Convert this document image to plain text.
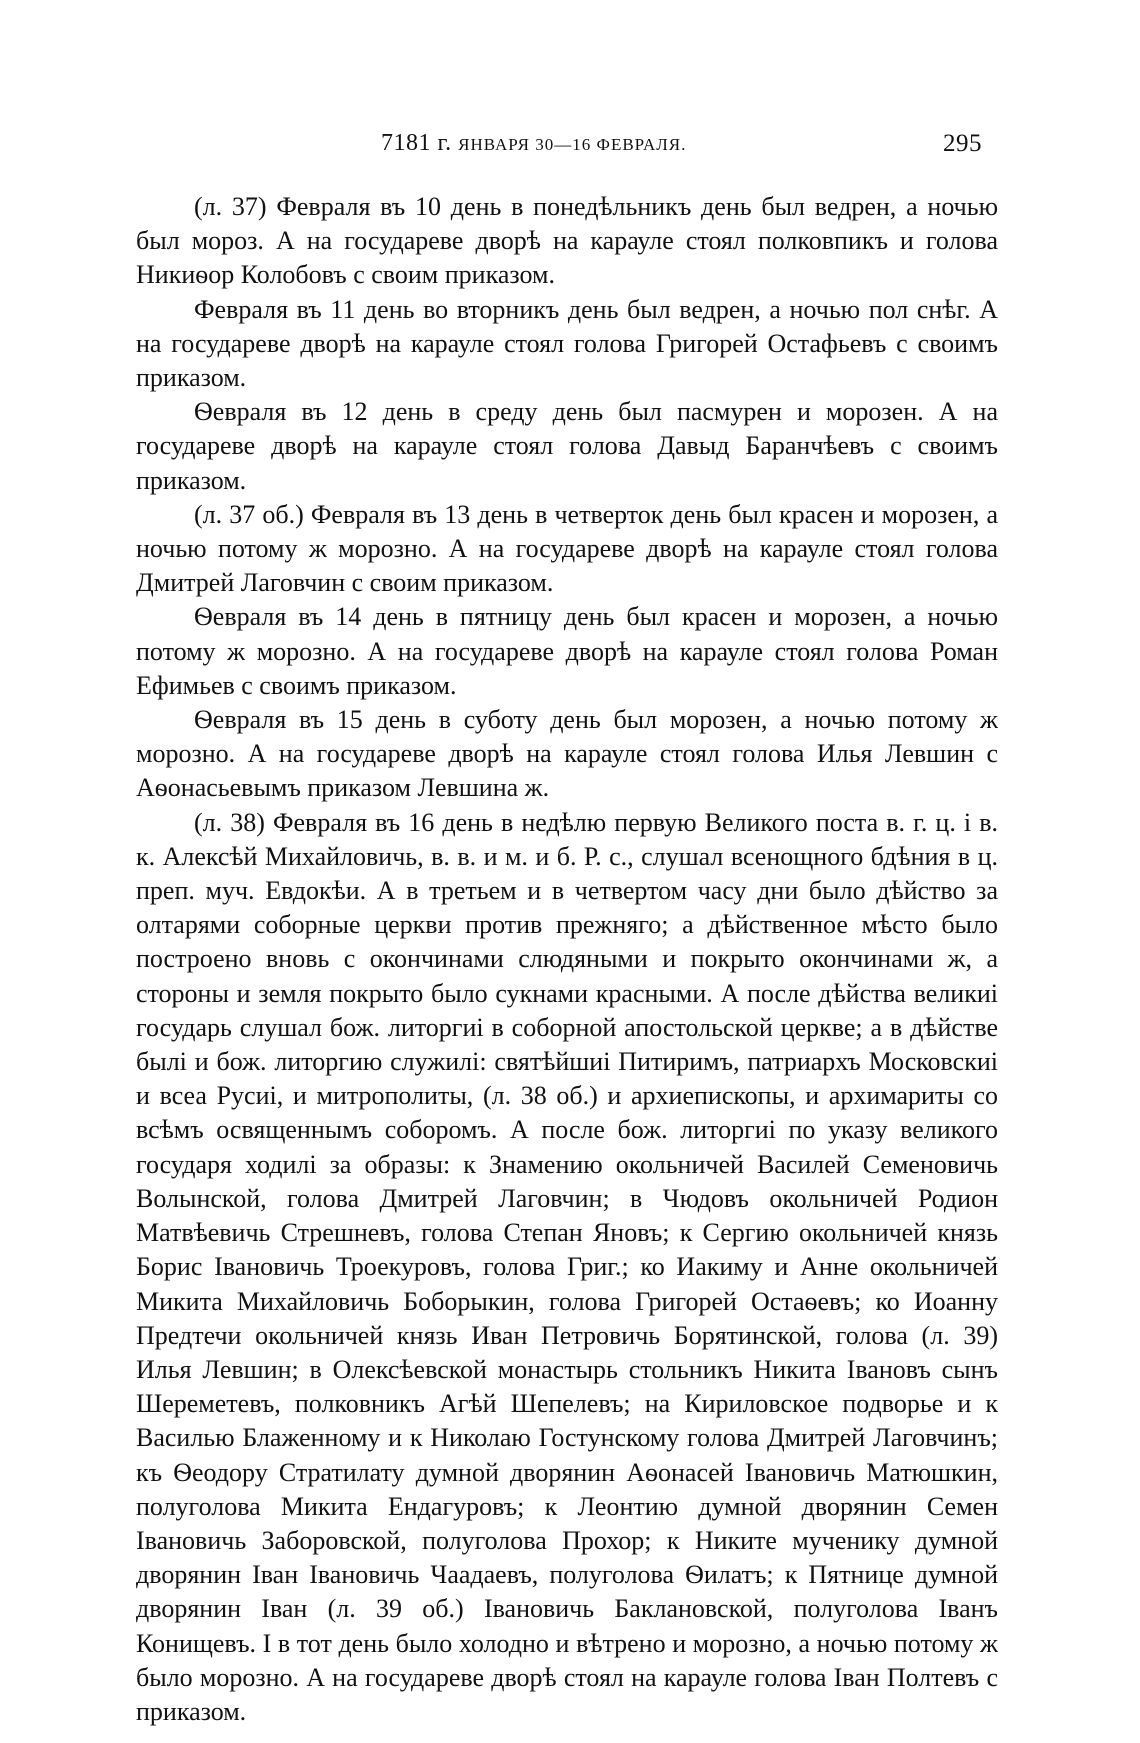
7181 г. ЯНВАРЯ 30—16 ФЕВРАЛЯ.	295

(л. 37) Февраля въ 10 день в понедѣльникъ день был ведрен, а ночью был мороз. А на государеве дворѣ на карауле стоял полковпикъ и голова Никиѳор Колобовъ с своим приказом.

Февраля въ 11 день во вторникъ день был ведрен, а ночью пол снѣг. А на государеве дворѣ на карауле стоял голова Григорей Остафьевъ с своимъ приказом.

Ѳевраля въ 12 день в среду день был пасмурен и морозен. А на государеве дворѣ на карауле стоял голова Давыд Баранчѣевъ с своимъ приказом.

(л. 37 об.) Февраля въ 13 день в четверток день был красен и морозен, а ночью потому ж морозно. А на государеве дворѣ на карауле стоял голова Дмитрей Лаговчин с своим приказом.

Ѳевраля въ 14 день в пятницу день был красен и морозен, а ночью потому ж морозно. А на государеве дворѣ на карауле стоял голова Роман Ефимьев с своимъ приказом.

Ѳевраля въ 15 день в суботу день был морозен, а ночью потому ж морозно. А на государеве дворѣ на карауле стоял голова Илья Левшин с Аѳонасьевымъ приказом Левшина ж.

(л. 38) Февраля въ 16 день в недѣлю первую Великого поста в. г. ц. і в. к. Алексѣй Михайловичь, в. в. и м. и б. Р. с., слушал всенощного бдѣния в ц. преп. муч. Евдокѣи. А в третьем и в четвертом часу дни было дѣйство за олтарями соборные церкви против прежняго; а дѣйственное мѣсто было построено вновь с окончинами слюдяными и покрыто окончинами ж, а стороны и земля покрыто было сукнами красными. А после дѣйства великиі государь слушал бож. литоргиі в соборной апостольской церкве; а в дѣйстве былі и бож. литоргию служилі: святѣйшиі Питиримъ, патриархъ Московскиі и всеа Русиі, и митрополиты, (л. 38 об.) и архиепископы, и архимариты со всѣмъ освященнымъ соборомъ. А после бож. литоргиі по указу великого государя ходилі за образы: к Знамению окольничей Василей Семеновичь Волынской, голова Дмитрей Лаговчин; в Чюдовъ окольничей Родион Матвѣевичь Стрешневъ, голова Степан Яновъ; к Сергию окольничей князь Борис Івановичь Троекуровъ, голова Григ.; ко Иакиму и Анне окольничей Микита Михайловичь Боборыкин, голова Григорей Остаѳевъ; ко Иоанну Предтечи окольничей князь Иван Петровичь Борятинской, голова (л. 39) Илья Левшин; в Олексѣевской монастырь стольникъ Никита Івановъ сынъ Шереметевъ, полковникъ Агѣй Шепелевъ; на Кириловское подворье и к Василью Блаженному и к Николаю Гостунскому голова Дмитрей Лаговчинъ; къ Ѳеодору Стратилату думной дворянин Аѳонасей Івановичь Матюшкин, полуголова Микита Ендагуровъ; к Леонтию думной дворянин Семен Івановичь Заборовской, полуголова Прохор; к Никите мученику думной дворянин Іван Івановичь Чаадаевъ, полуголова Ѳилатъ; к Пятнице думной дворянин Іван (л. 39 об.) Івановичь Баклановской, полуголова Іванъ Конищевъ. І в тот день было холодно и вѣтрено и морозно, а ночью потому ж было морозно. А на государеве дворѣ стоял на карауле голова Іван Полтевъ с приказом.
